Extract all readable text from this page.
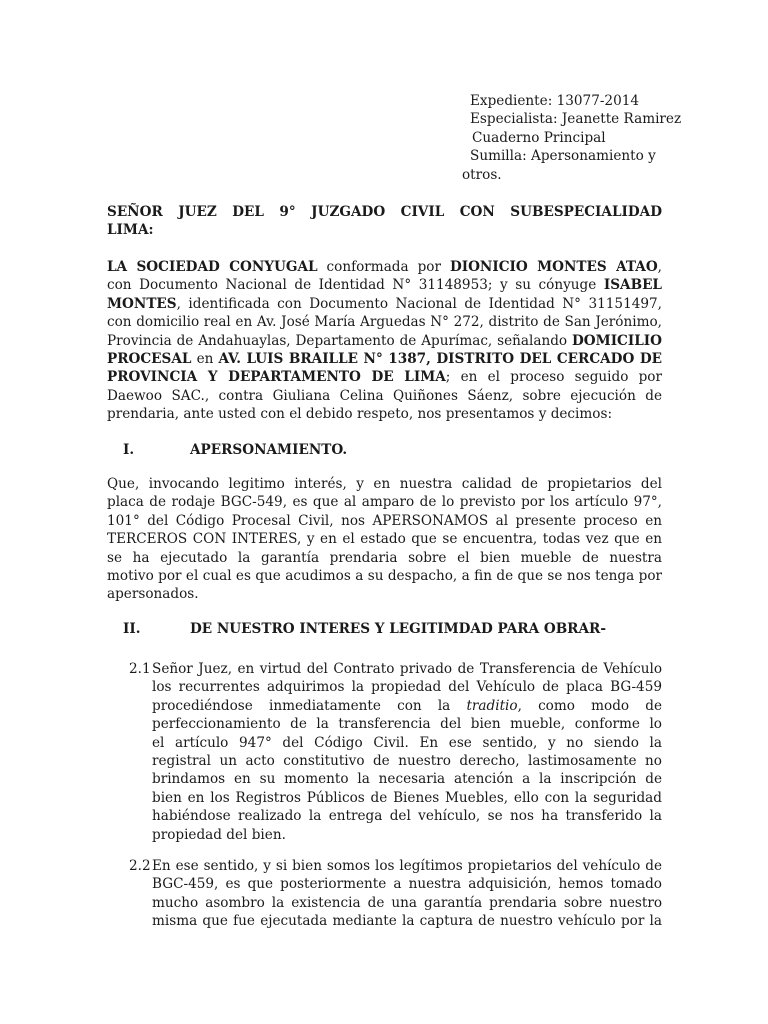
Expediente: 13077-2014
Especialista: Jeanette Ramirez
Cuaderno Principal
Sumilla: Apersonamiento y
otros.
SEÑOR JUEZ DEL 9° JUZGADO CIVIL CON SUBESPECIALIDAD
LIMA:
LA SOCIEDAD CONYUGAL conformada por DIONICIO MONTES ATAO,
con Documento Nacional de Identidad N° 31148953; y su cónyuge ISABEL
MONTES, identificada con Documento Nacional de Identidad N° 31151497,
con domicilio real en Av. José María Arguedas N° 272, distrito de San Jerónimo,
Provincia de Andahuaylas, Departamento de Apurímac, señalando DOMICILIO
PROCESAL en AV. LUIS BRAILLE N° 1387, DISTRITO DEL CERCADO DE
PROVINCIA Y DEPARTAMENTO DE LIMA; en el proceso seguido por
Daewoo SAC., contra Giuliana Celina Quiñones Sáenz, sobre ejecución de
prendaria, ante usted con el debido respeto, nos presentamos y decimos:
I.	APERSONAMIENTO.
Que, invocando legitimo interés, y en nuestra calidad de propietarios del
placa de rodaje BGC-549, es que al amparo de lo previsto por los artículo 97°,
101° del Código Procesal Civil, nos APERSONAMOS al presente proceso en
TERCEROS CON INTERES, y en el estado que se encuentra, todas vez que en
se ha ejecutado la garantía prendaria sobre el bien mueble de nuestra
motivo por el cual es que acudimos a su despacho, a fin de que se nos tenga por
apersonados.
II.	DE NUESTRO INTERES Y LEGITIMDAD PARA OBRAR-
2.1 Señor Juez, en virtud del Contrato privado de Transferencia de Vehículo
los recurrentes adquirimos la propiedad del Vehículo de placa BG-459
procediéndose inmediatamente con la traditio, como modo de
perfeccionamiento de la transferencia del bien mueble, conforme lo
el artículo 947° del Código Civil. En ese sentido, y no siendo la
registral un acto constitutivo de nuestro derecho, lastimosamente no
brindamos en su momento la necesaria atención a la inscripción de
bien en los Registros Públicos de Bienes Muebles, ello con la seguridad
habiéndose realizado la entrega del vehículo, se nos ha transferido la
propiedad del bien.
2.2 En ese sentido, y si bien somos los legítimos propietarios del vehículo de
BGC-459, es que posteriormente a nuestra adquisición, hemos tomado
mucho asombro la existencia de una garantía prendaria sobre nuestro
misma que fue ejecutada mediante la captura de nuestro vehículo por la
